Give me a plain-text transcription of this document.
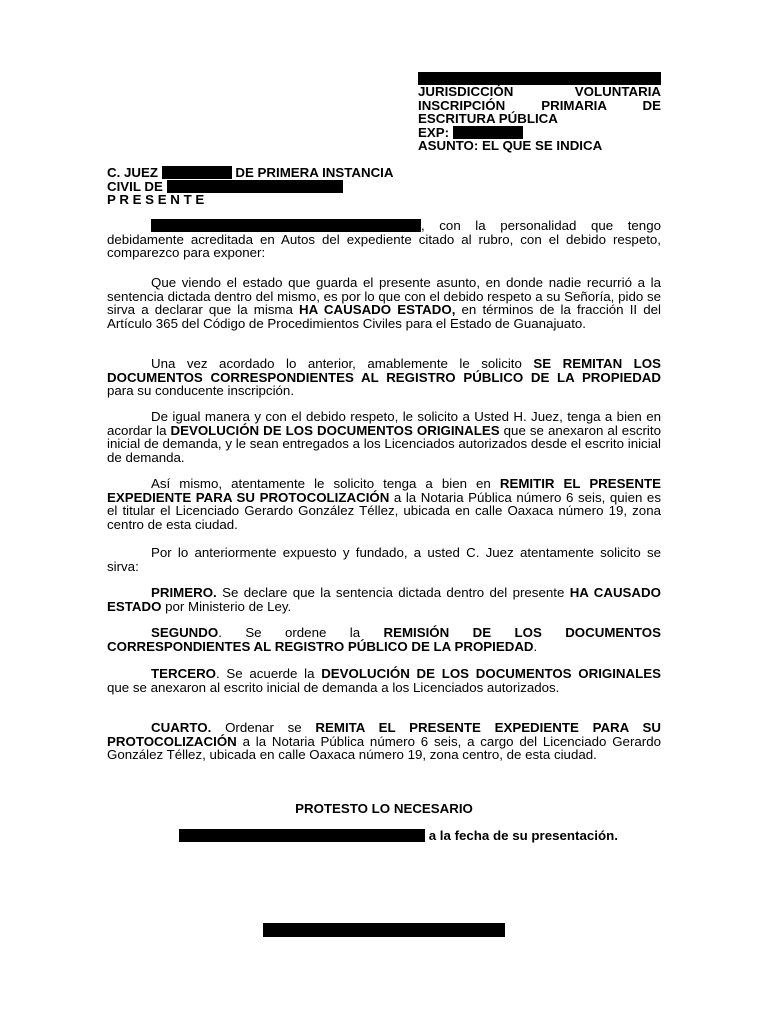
JURISDICCIÓN VOLUNTARIA
INSCRIPCIÓN PRIMARIA DE
ESCRITURA PÚBLICA
EXP:
ASUNTO: EL QUE SE INDICA
C. JUEZ	DE PRIMERA INSTANCIA
CIVIL DE
P R E S E N T E
, con la personalidad que tengo debidamente acreditada en Autos del expediente citado al rubro, con el debido respeto, comparezco para exponer:
Que viendo el estado que guarda el presente asunto, en donde nadie recurrió a la sentencia dictada dentro del mismo, es por lo que con el debido respeto a su Señoría, pido se sirva a declarar que la misma HA CAUSADO ESTADO, en términos de la fracción II del Artículo 365 del Código de Procedimientos Civiles para el Estado de Guanajuato.
Una vez acordado lo anterior, amablemente le solicito SE REMITAN LOS DOCUMENTOS CORRESPONDIENTES AL REGISTRO PÚBLICO DE LA PROPIEDAD para su conducente inscripción.
De igual manera y con el debido respeto, le solicito a Usted H. Juez, tenga a bien en acordar la DEVOLUCIÓN DE LOS DOCUMENTOS ORIGINALES que se anexaron al escrito inicial de demanda, y le sean entregados a los Licenciados autorizados desde el escrito inicial de demanda.
Así mismo, atentamente le solicito tenga a bien en REMITIR EL PRESENTE EXPEDIENTE PARA SU PROTOCOLIZACIÓN a la Notaria Pública número 6 seis, quien es el titular el Licenciado Gerardo González Téllez, ubicada en calle Oaxaca número 19, zona centro de esta ciudad.
Por lo anteriormente expuesto y fundado, a usted C. Juez atentamente solicito se sirva:
PRIMERO. Se declare que la sentencia dictada dentro del presente HA CAUSADO ESTADO por Ministerio de Ley.
SEGUNDO. Se ordene la REMISIÓN DE LOS DOCUMENTOS CORRESPONDIENTES AL REGISTRO PÚBLICO DE LA PROPIEDAD.
TERCERO. Se acuerde la DEVOLUCIÓN DE LOS DOCUMENTOS ORIGINALES que se anexaron al escrito inicial de demanda a los Licenciados autorizados.
CUARTO. Ordenar se REMITA EL PRESENTE EXPEDIENTE PARA SU PROTOCOLIZACIÓN a la Notaria Pública número 6 seis, a cargo del Licenciado Gerardo González Téllez, ubicada en calle Oaxaca número 19, zona centro, de esta ciudad.
PROTESTO LO NECESARIO
a la fecha de su presentación.
